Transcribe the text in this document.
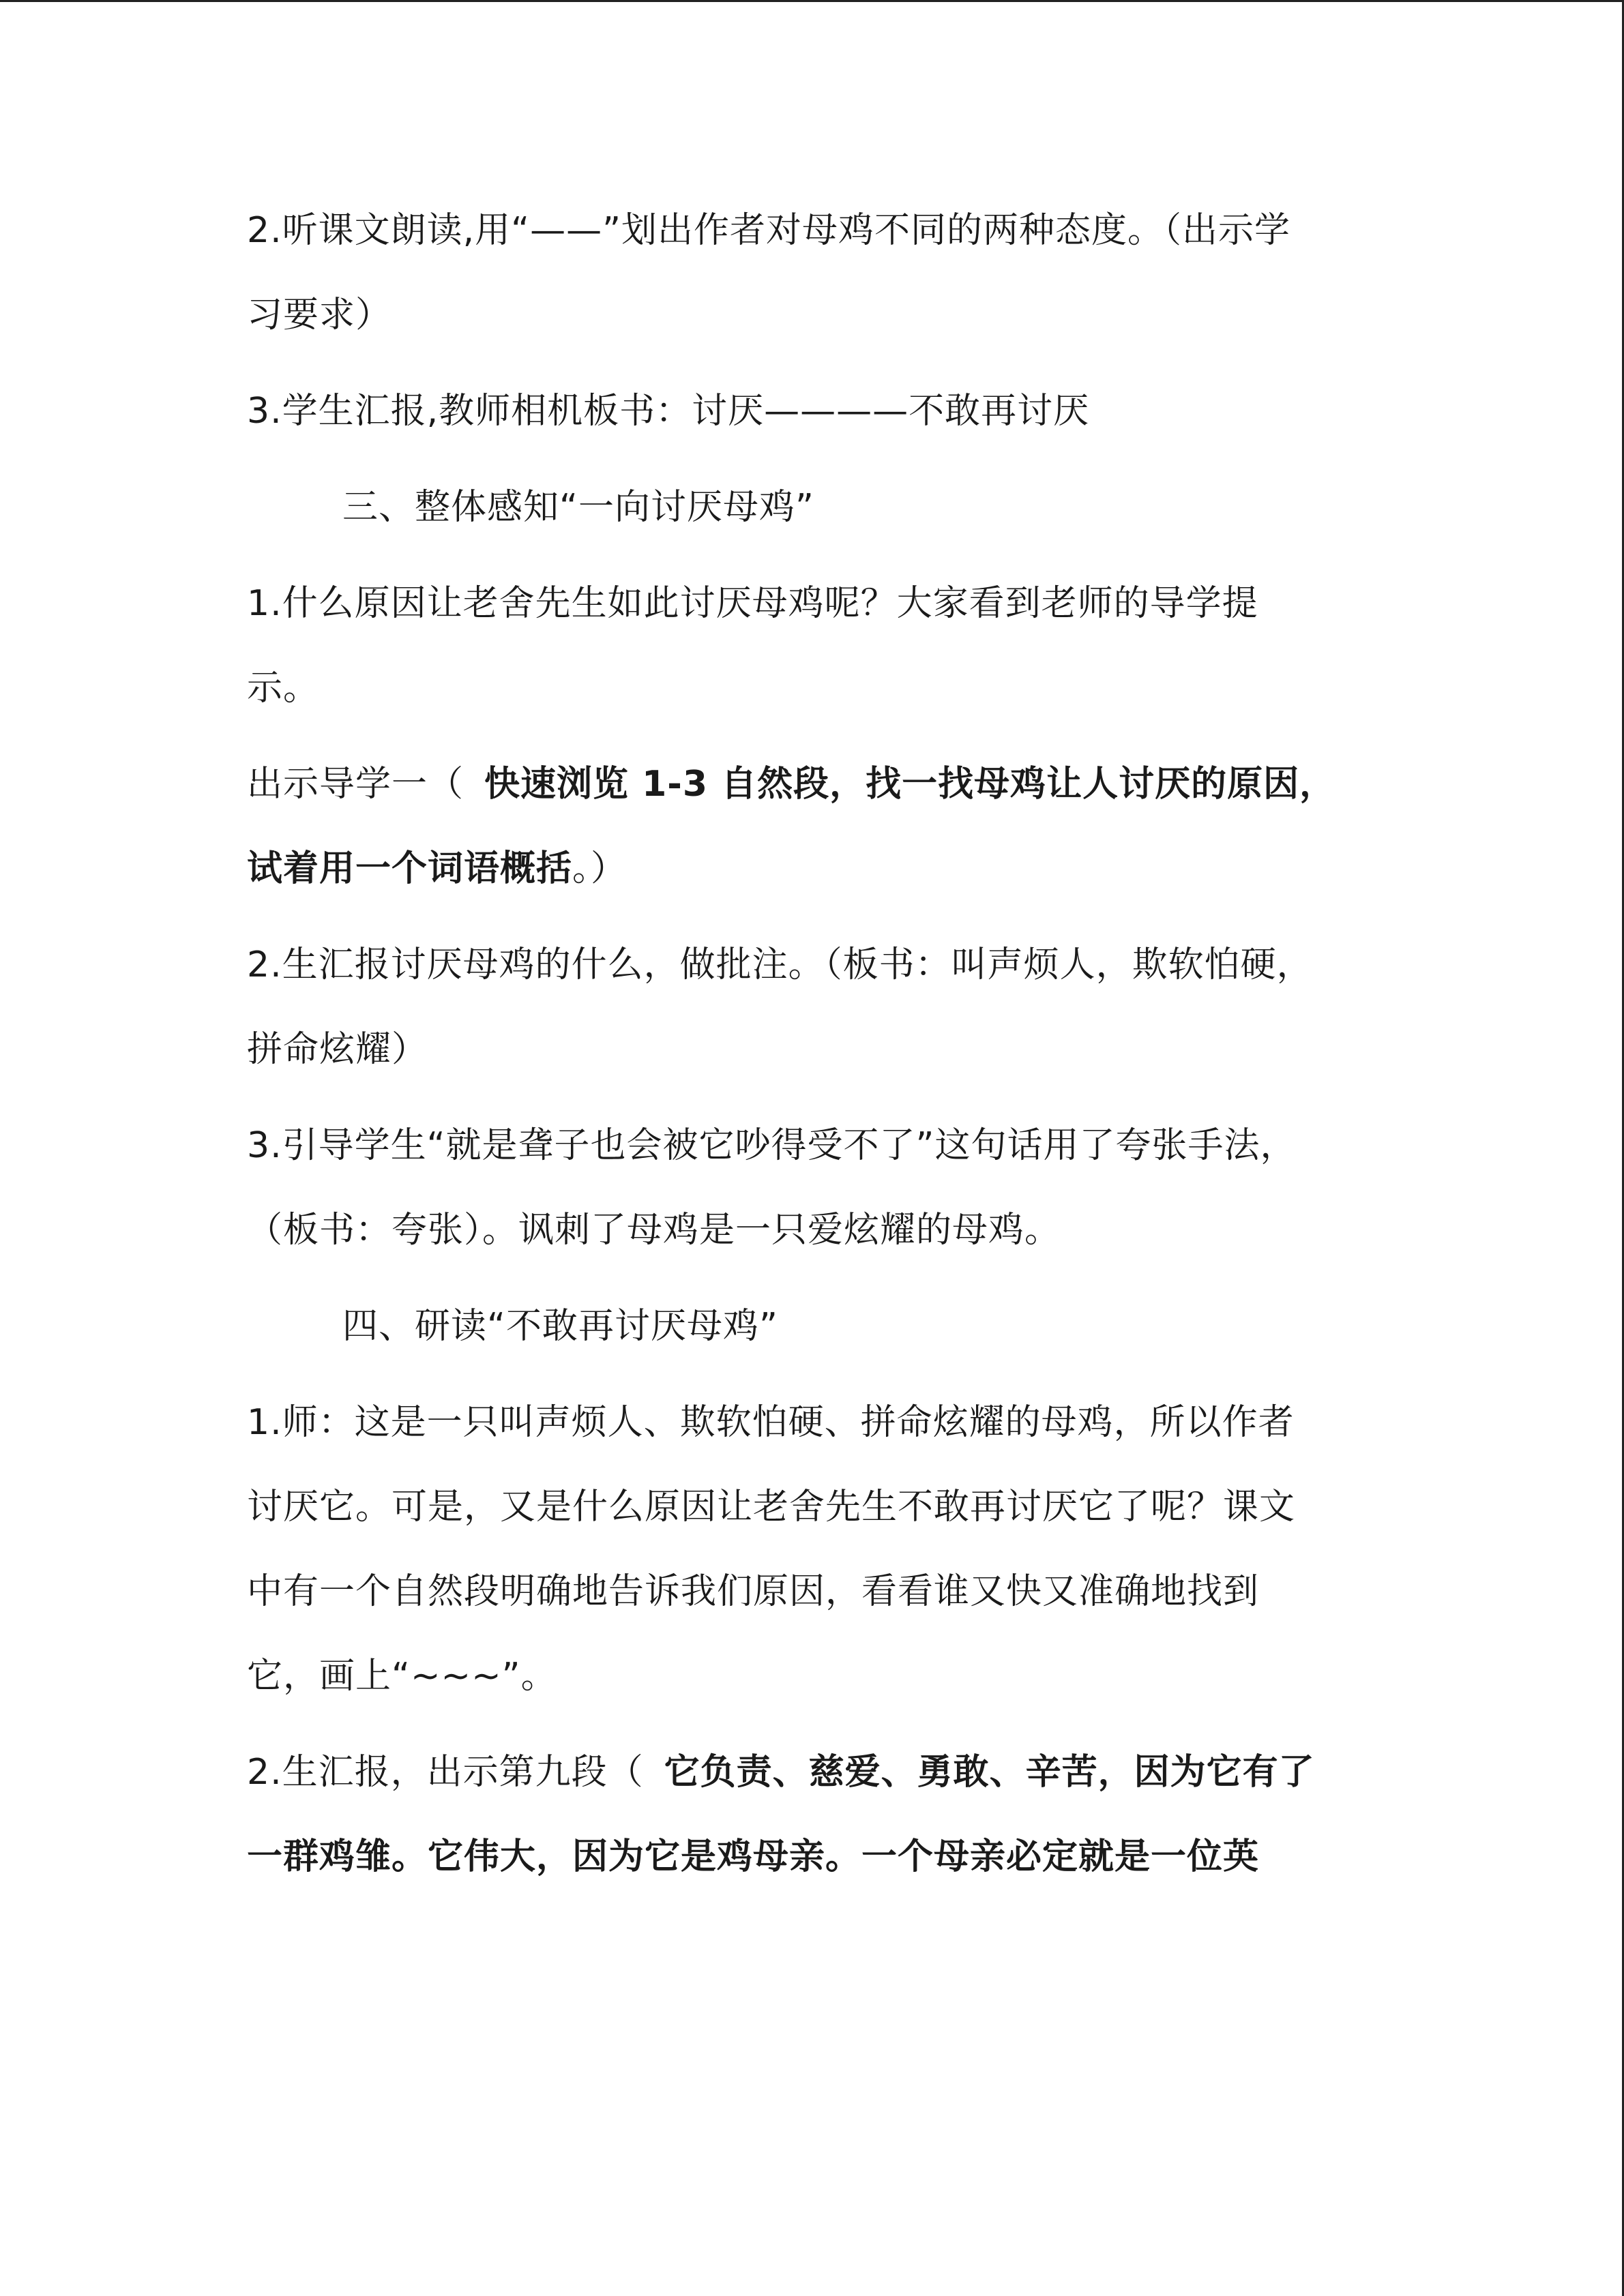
2.听课文朗读,用“——”划出作者对母鸡不同的两种态度。（出示学
习要求）
3.学生汇报,教师相机板书：讨厌————不敢再讨厌
三、整体感知“一向讨厌母鸡”
1.什么原因让老舍先生如此讨厌母鸡呢？大家看到老师的导学提
示。
出示导学一（ 快速浏览 1-3 自然段，找一找母鸡让人讨厌的原因，
试着用一个词语概括。）
2.生汇报讨厌母鸡的什么，做批注。（板书：叫声烦人，欺软怕硬，
拼命炫耀）
3.引导学生“就是聋子也会被它吵得受不了”这句话用了夸张手法，
（板书：夸张）。讽刺了母鸡是一只爱炫耀的母鸡。
四、研读“不敢再讨厌母鸡”
1.师：这是一只叫声烦人、欺软怕硬、拼命炫耀的母鸡，所以作者
讨厌它。可是，又是什么原因让老舍先生不敢再讨厌它了呢？课文
中有一个自然段明确地告诉我们原因，看看谁又快又准确地找到
它，画上“~~~”。
2.生汇报，出示第九段（ 它负责、慈爱、勇敢、辛苦，因为它有了
一群鸡雏。它伟大，因为它是鸡母亲。一个母亲必定就是一位英
